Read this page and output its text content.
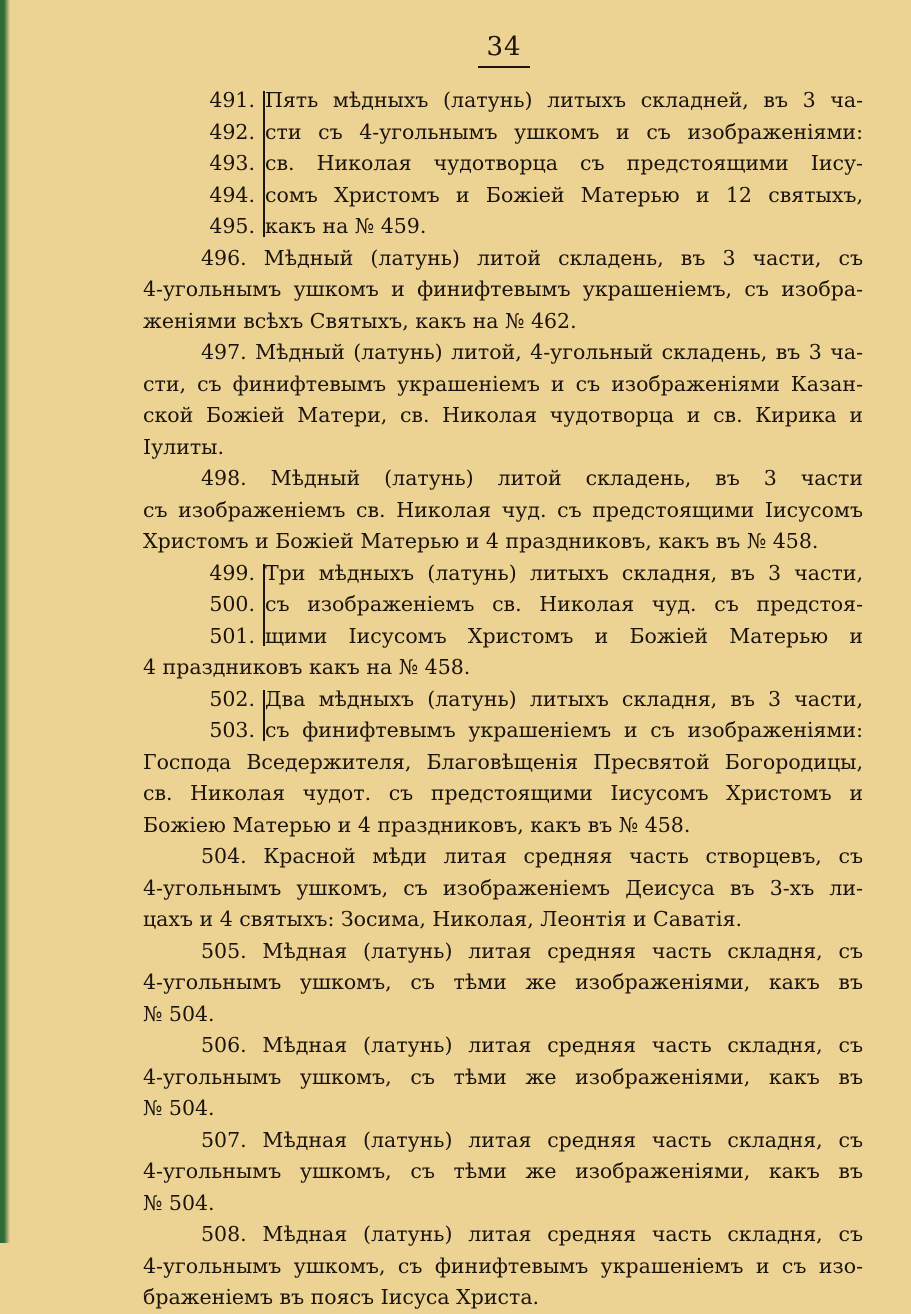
34
491.
492.
493.
494.
495.
Пять мѣдныхъ (латунь) литыхъ складней, въ 3 ча-
сти съ 4-угольнымъ ушкомъ и съ изображеніями:
св. Николая чудотворца съ предстоящими Іису-
сомъ Христомъ и Божіей Матерью и 12 святыхъ,
какъ на № 459.
496. Мѣдный (латунь) литой складень, въ 3 части, съ
4-угольнымъ ушкомъ и финифтевымъ украшеніемъ, съ изобра-
женіями всѣхъ Святыхъ, какъ на № 462.
497. Мѣдный (латунь) литой, 4-угольный складень, въ 3 ча-
сти, съ финифтевымъ украшеніемъ и съ изображеніями Казан-
ской Божіей Матери, св. Николая чудотворца и св. Кирика и
Іулиты.
498. Мѣдный (латунь) литой складень, въ 3 части
съ изображеніемъ св. Николая чуд. съ предстоящими Іисусомъ
Христомъ и Божіей Матерью и 4 праздниковъ, какъ въ № 458.
499.
500.
501.
Три мѣдныхъ (латунь) литыхъ складня, въ 3 части,
съ изображеніемъ св. Николая чуд. съ предстоя-
щими Іисусомъ Христомъ и Божіей Матерью и
4 праздниковъ какъ на № 458.
502.
503.
Два мѣдныхъ (латунь) литыхъ складня, въ 3 части,
съ финифтевымъ украшеніемъ и съ изображеніями:
Господа Вседержителя, Благовѣщенія Пресвятой Богородицы,
св. Николая чудот. съ предстоящими Іисусомъ Христомъ и
Божіею Матерью и 4 праздниковъ, какъ въ № 458.
504. Красной мѣди литая средняя часть створцевъ, съ
4-угольнымъ ушкомъ, съ изображеніемъ Деисуса въ 3-хъ ли-
цахъ и 4 святыхъ: Зосима, Николая, Леонтія и Саватія.
505. Мѣдная (латунь) литая средняя часть складня, съ
4-угольнымъ ушкомъ, съ тѣми же изображеніями, какъ въ
№ 504.
506. Мѣдная (латунь) литая средняя часть складня, съ
4-угольнымъ ушкомъ, съ тѣми же изображеніями, какъ въ
№ 504.
507. Мѣдная (латунь) литая средняя часть складня, съ
4-угольнымъ ушкомъ, съ тѣми же изображеніями, какъ въ
№ 504.
508. Мѣдная (латунь) литая средняя часть складня, съ
4-угольнымъ ушкомъ, съ финифтевымъ украшеніемъ и съ изо-
браженіемъ въ поясъ Іисуса Христа.
